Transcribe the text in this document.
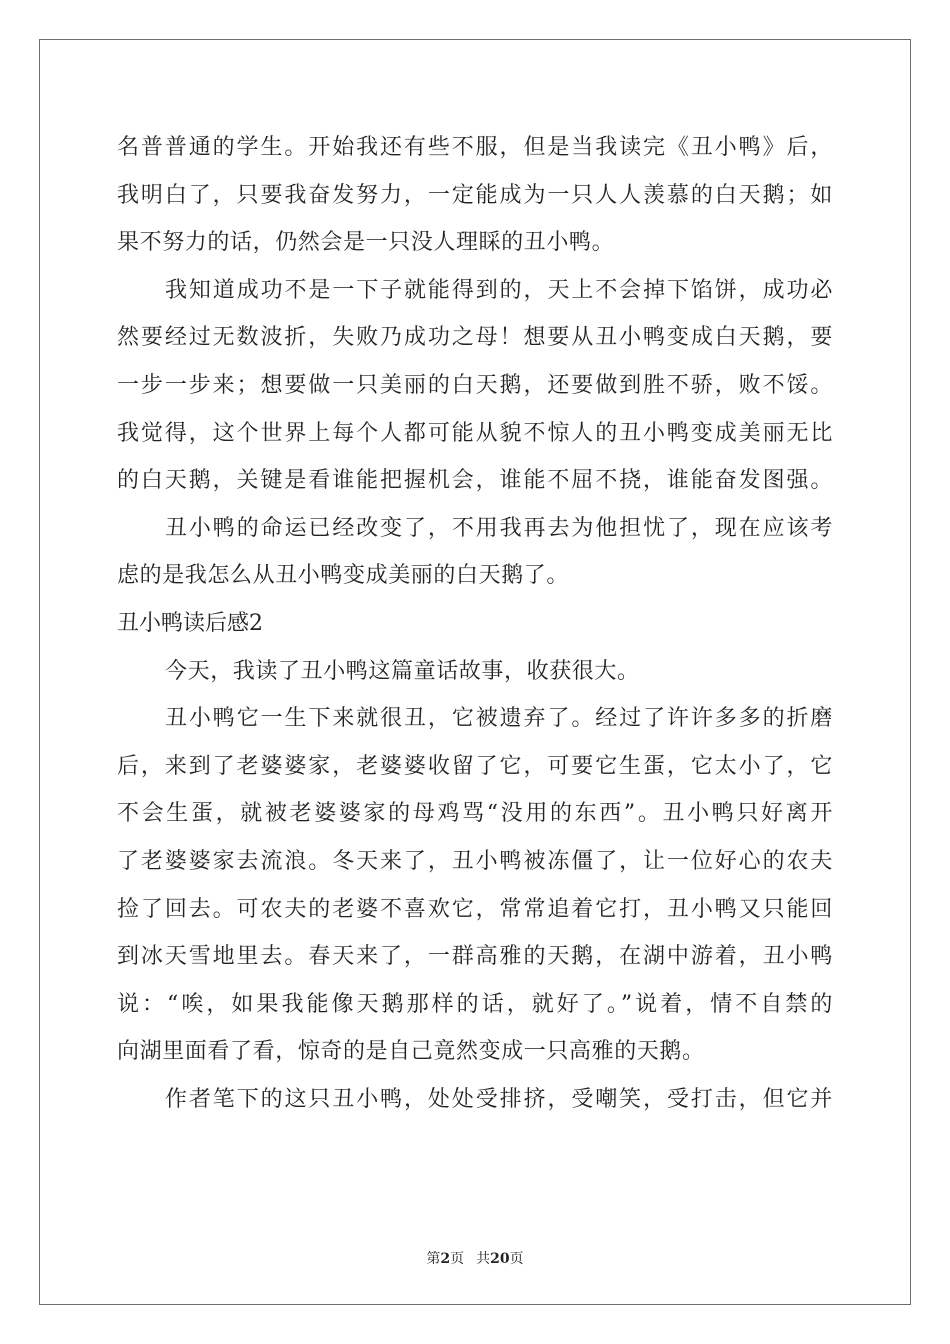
名普普通的学生。开始我还有些不服，但是当我读完《丑小鸭》后，
我明白了，只要我奋发努力，一定能成为一只人人羡慕的白天鹅；如
果不努力的话，仍然会是一只没人理睬的丑小鸭。
我知道成功不是一下子就能得到的，天上不会掉下馅饼，成功必
然要经过无数波折，失败乃成功之母！想要从丑小鸭变成白天鹅，要
一步一步来；想要做一只美丽的白天鹅，还要做到胜不骄，败不馁。
我觉得，这个世界上每个人都可能从貌不惊人的丑小鸭变成美丽无比
的白天鹅，关键是看谁能把握机会，谁能不屈不挠，谁能奋发图强。
丑小鸭的命运已经改变了，不用我再去为他担忧了，现在应该考
虑的是我怎么从丑小鸭变成美丽的白天鹅了。
丑小鸭读后感2
今天，我读了丑小鸭这篇童话故事，收获很大。
丑小鸭它一生下来就很丑，它被遗弃了。经过了许许多多的折磨
后，来到了老婆婆家，老婆婆收留了它，可要它生蛋，它太小了，它
不会生蛋，就被老婆婆家的母鸡骂“没用的东西”。丑小鸭只好离开
了老婆婆家去流浪。冬天来了，丑小鸭被冻僵了，让一位好心的农夫
捡了回去。可农夫的老婆不喜欢它，常常追着它打，丑小鸭又只能回
到冰天雪地里去。春天来了，一群高雅的天鹅，在湖中游着，丑小鸭
说：“唉，如果我能像天鹅那样的话，就好了。”说着，情不自禁的
向湖里面看了看，惊奇的是自己竟然变成一只高雅的天鹅。
作者笔下的这只丑小鸭，处处受排挤，受嘲笑，受打击，但它并
第2页 共20页
